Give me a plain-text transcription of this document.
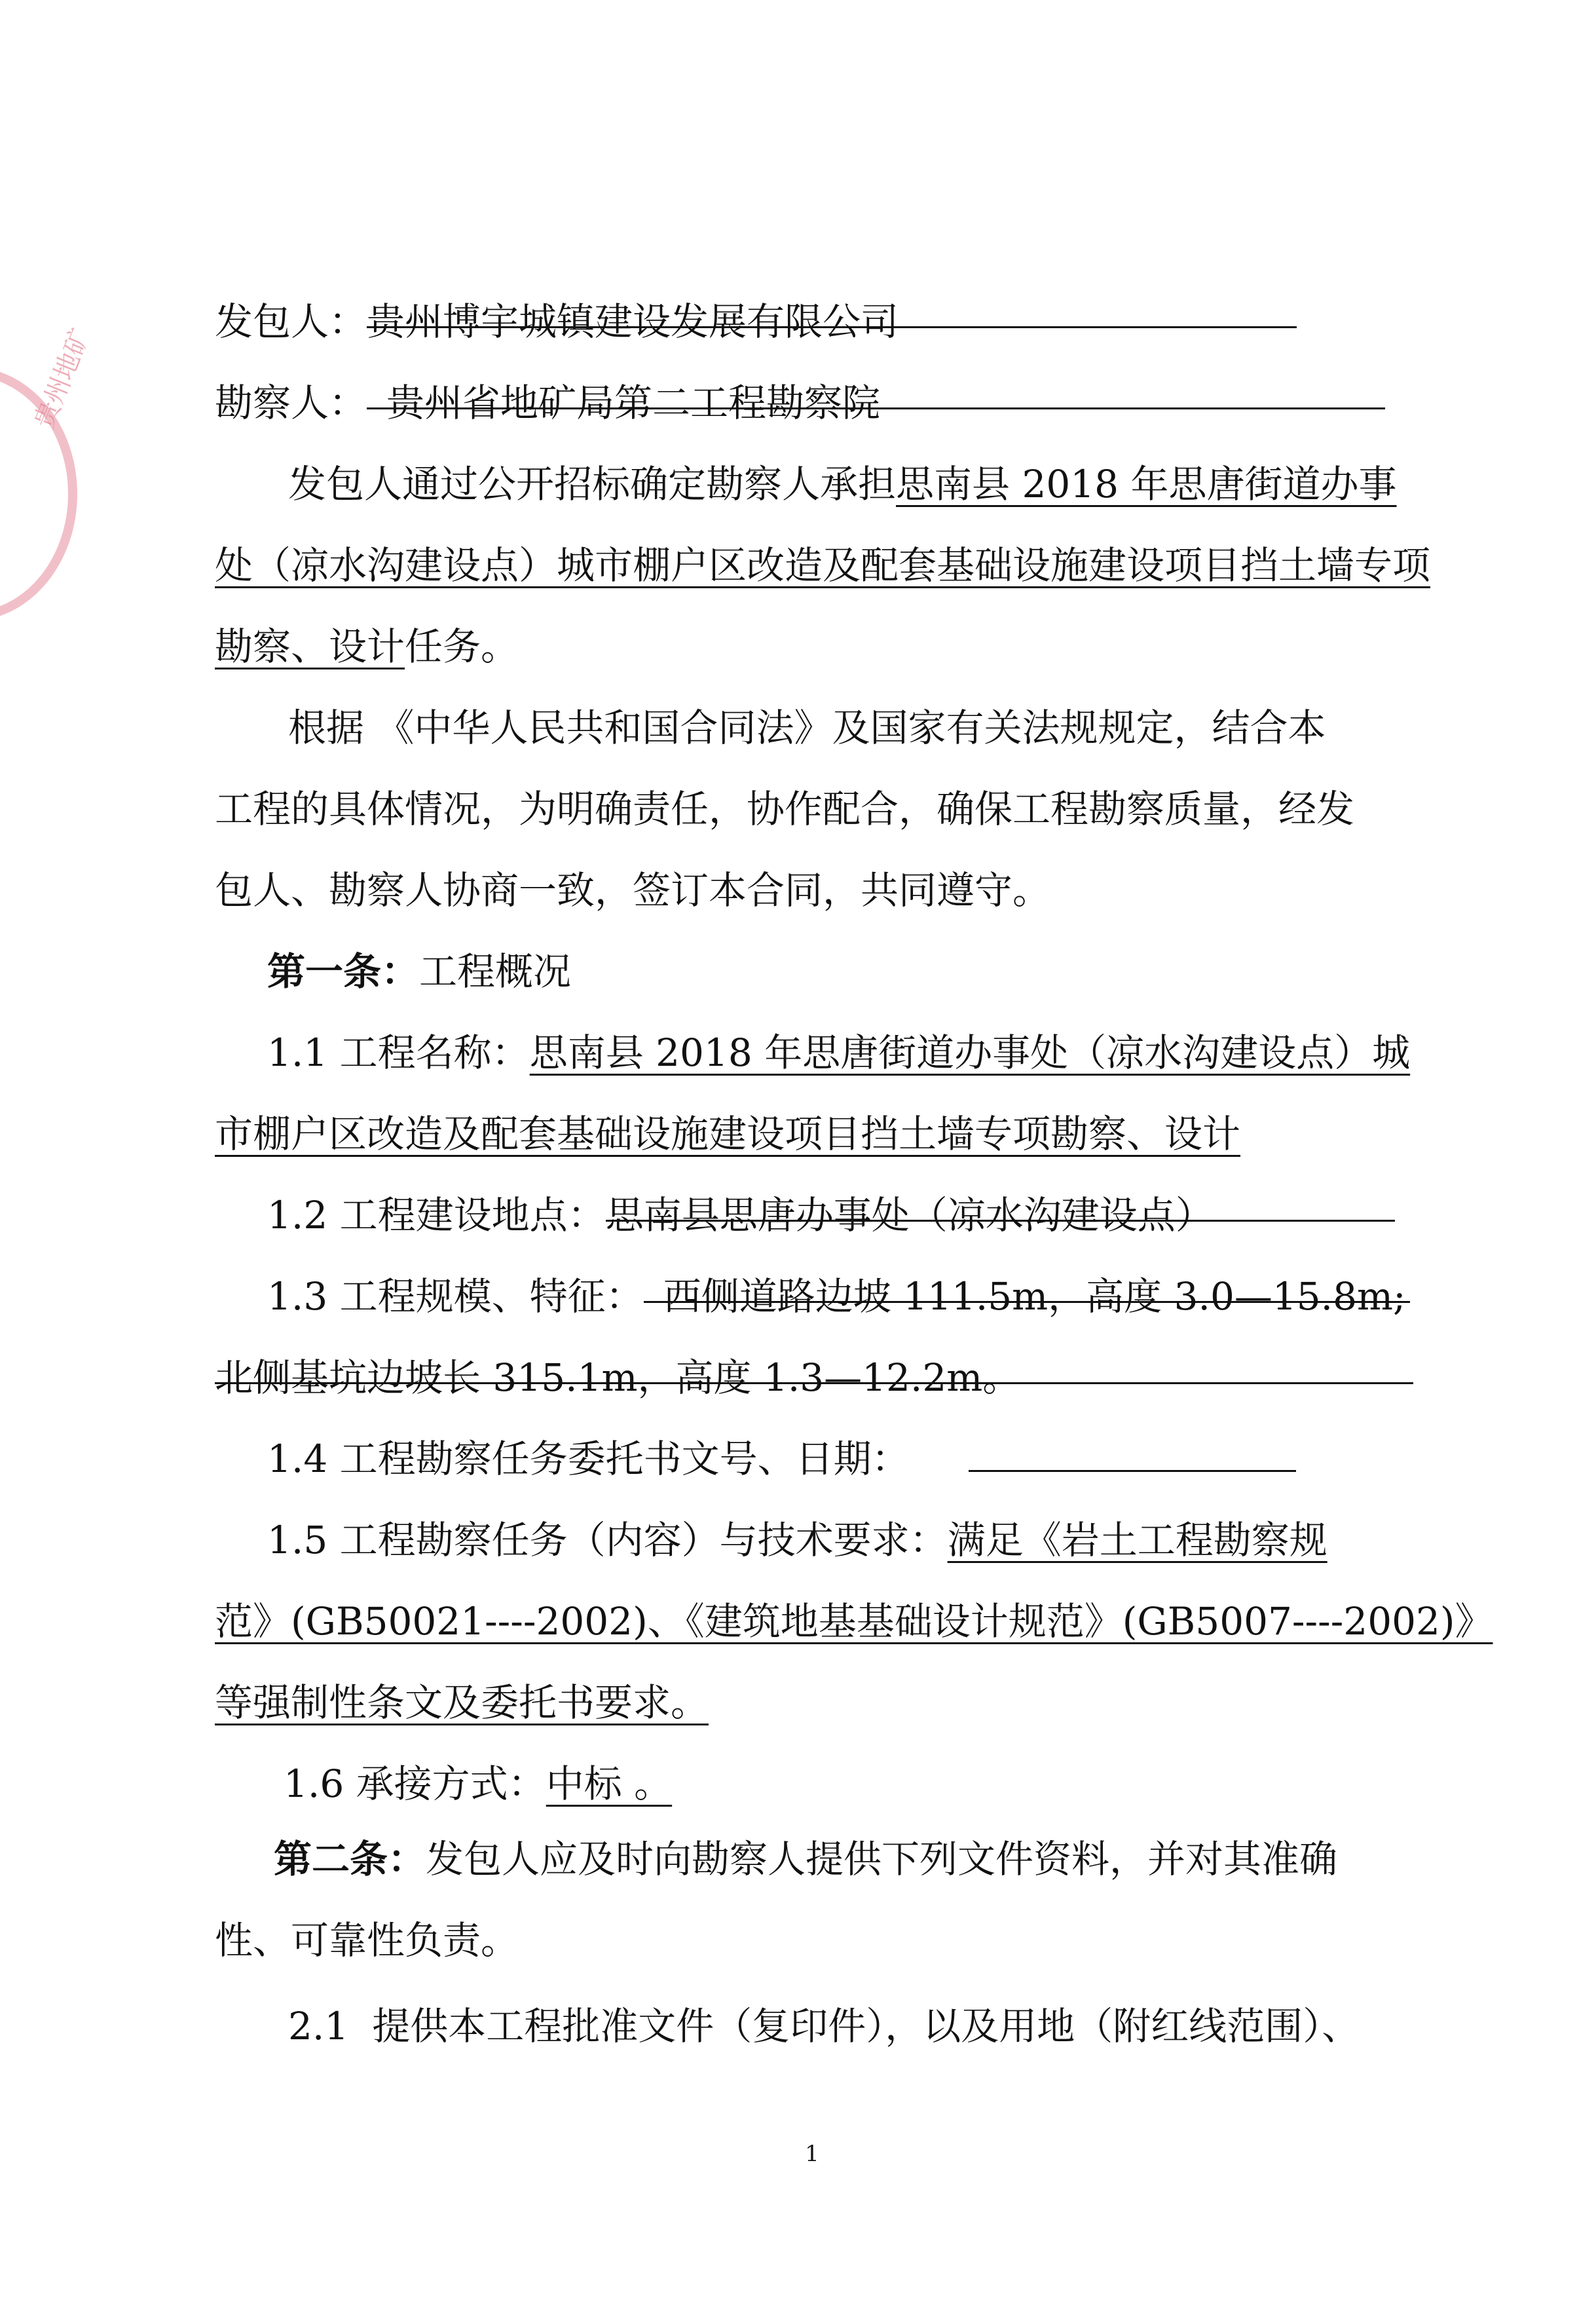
贵州地矿
发包人：贵州博宇城镇建设发展有限公司
勘察人： 贵州省地矿局第二工程勘察院
发包人通过公开招标确定勘察人承担思南县 2018 年思唐街道办事
处（凉水沟建设点）城市棚户区改造及配套基础设施建设项目挡土墙专项
勘察、设计任务。
根据 《中华人民共和国合同法》及国家有关法规规定，结合本
工程的具体情况，为明确责任，协作配合，确保工程勘察质量，经发
包人、勘察人协商一致，签订本合同，共同遵守。
第一条：工程概况
1.1 工程名称：思南县 2018 年思唐街道办事处（凉水沟建设点）城
市棚户区改造及配套基础设施建设项目挡土墙专项勘察、设计
1.2 工程建设地点：思南县思唐办事处（凉水沟建设点）
1.3 工程规模、特征： 西侧道路边坡 111.5m，高度 3.0—15.8m;
北侧基坑边坡长 315.1m，高度 1.3—12.2m。
1.4 工程勘察任务委托书文号、日期：
1.5 工程勘察任务（内容）与技术要求：满足《岩土工程勘察规
范》(GB50021----2002)、《建筑地基基础设计规范》(GB5007----2002)》
等强制性条文及委托书要求。
1.6 承接方式：中标 。
第二条：发包人应及时向勘察人提供下列文件资料，并对其准确
性、可靠性负责。
2.1 提供本工程批准文件（复印件），以及用地（附红线范围）、
1
